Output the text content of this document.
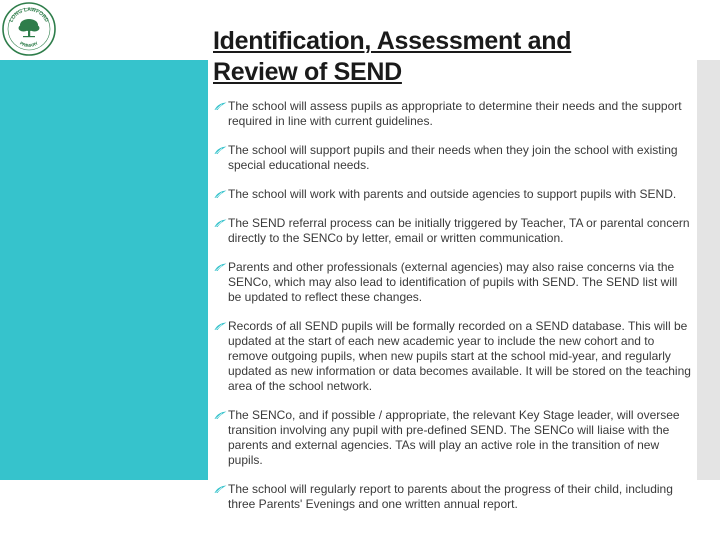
LONG LAWFORD
PRIMARY	Identification, Assessment and
Review of SEND
The school will assess pupils as appropriate to determine their needs and the support required in line with current guidelines.
The school will support pupils and their needs when they join the school with existing special educational needs.
The school will work with parents and outside agencies to support pupils with SEND.
The SEND referral process can be initially triggered by Teacher, TA or parental concern directly to the SENCo by letter, email or written communication.
Parents and other professionals (external agencies) may also raise concerns via the SENCo, which may also lead to identification of pupils with SEND. The SEND list will be updated to reflect these changes.
Records of all SEND pupils will be formally recorded on a SEND database. This will be updated at the start of each new academic year to include the new cohort and to remove outgoing pupils, when new pupils start at the school mid-year, and regularly updated as new information or data becomes available. It will be stored on the teaching area of the school network.
The SENCo, and if possible / appropriate, the relevant Key Stage leader, will oversee transition involving any pupil with pre-defined SEND. The SENCo will liaise with the parents and external agencies. TAs will play an active role in the transition of new pupils.
The school will regularly report to parents about the progress of their child, including three Parents' Evenings and one written annual report.
